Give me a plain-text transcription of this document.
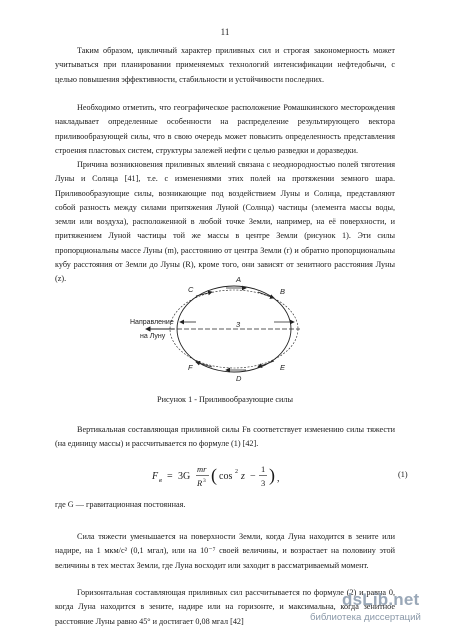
11

Таким образом, цикличный характер приливных сил и строгая закономерность может учитываться при планировании применяемых технологий интенсификации нефтедобычи, с целью повышения эффективности, стабильности и устойчивости последних.

Необходимо отметить, что географическое расположение Ромашкинского месторождения накладывает определенные особенности на распределение результирующего вектора приливообразующей силы, что в свою очередь может повысить определенность представления строения пластовых систем, структуры залежей нефти с целью разведки и доразведки.

Причина возникновения приливных явлений связана с неоднородностью полей тяготения Луны и Солнца [41], т.е. с изменениями этих полей на протяжении земного шара. Приливообразующие силы, возникающие под воздействием Луны и Солнца, представляют собой разность между силами притяжения Луной (Солнца) частицы (элемента массы воды, земли или воздуха), расположенной в любой точке Земли, например, на её поверхности, и притяжением Луной частицы той же массы в центре Земли (рисунок 1). Эти силы пропорциональны массе Луны (m), расстоянию от центра Земли (r) и обратно пропорциональны кубу расстояния от Земли до Луны (R), кроме того, они зависят от зенитного расстояния Луны (z).	A
B
C
D
E
F
3
Направление
на Луну
Рисунок 1 - Приливообразующие силы

Вертикальная составляющая приливной силы Fв соответствует изменению силы тяжести (на единицу массы) и рассчитывается по формуле (1) [42].

F в = 3G
mr
R 3 ( cos 2 z −
1
3 ) ,	(1)
где G — гравитационная постоянная.

Сила тяжести уменьшается на поверхности Земли, когда Луна находится в зените или надире, на 1 мкм/с² (0,1 мгал), или на 10⁻⁷ своей величины, и возрастает на половину этой величины в тех местах Земли, где Луна восходит или заходит в рассматриваемый момент.

Горизонтальная составляющая приливных сил рассчитывается по формуле (2) и равна 0, когда Луна находится в зените, надире или на горизонте, и максимальна, когда зенитное расстояние Луны равно 45° и достигает 0,08 мгал [42]

dsLib.net
библиотека диссертаций
